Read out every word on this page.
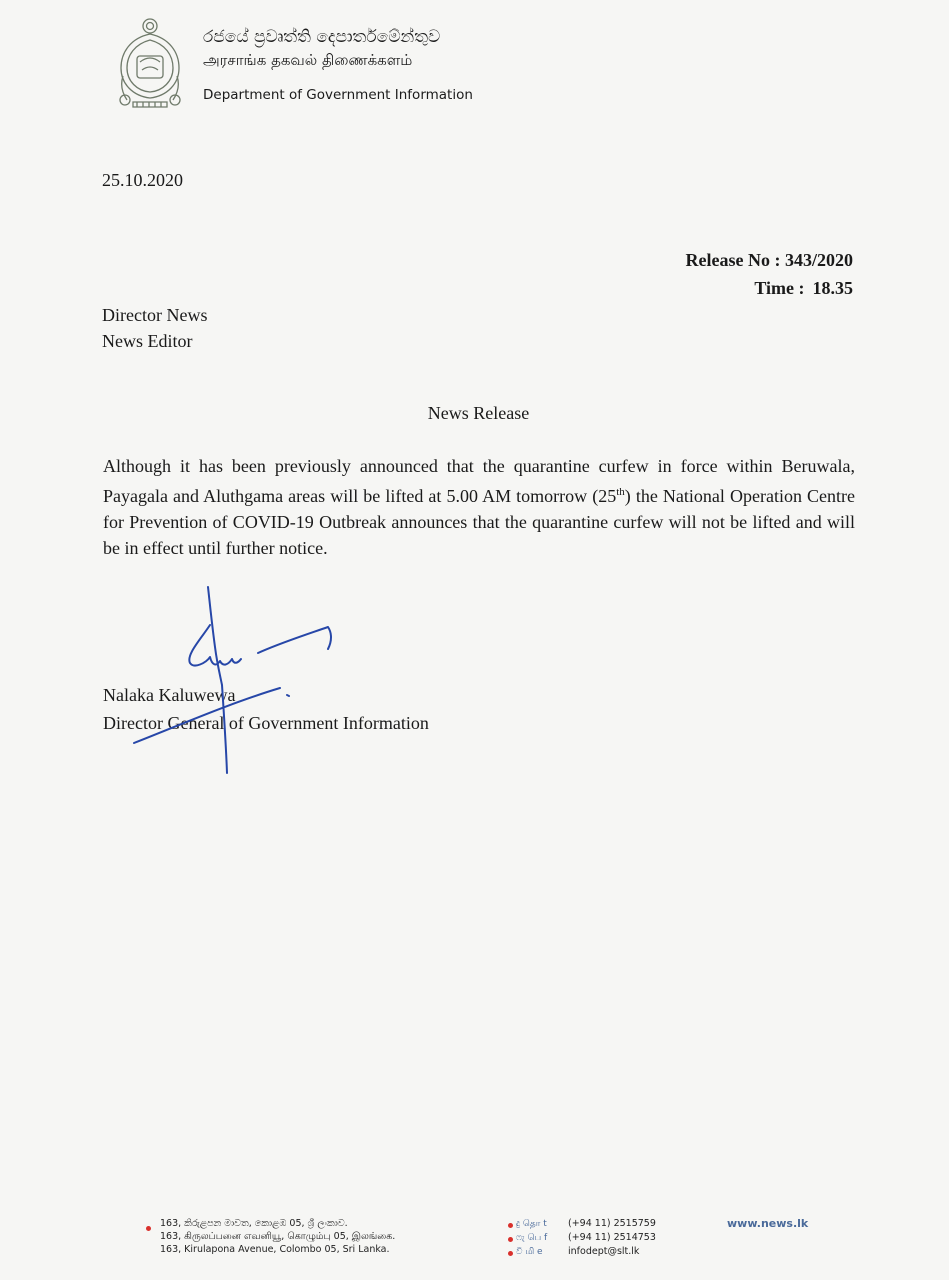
රජයේ ප්‍රවෘත්ති දෙපාර්තමේන්තුව
அரசாங்க தகவல் திணைக்களம்
Department of Government Information
25.10.2020
Release No : 343/2020
Time : 18.35
Director News
News Editor
News Release
Although it has been previously announced that the quarantine curfew in force within Beruwala, Payagala and Aluthgama areas will be lifted at 5.00 AM tomorrow (25th) the National Operation Centre for Prevention of COVID-19 Outbreak announces that the quarantine curfew will not be lifted and will be in effect until further notice.
Nalaka Kaluwewa
Director General of Government Information
163, කිරුළපන මාවත, කොළඹ 05, ශ්‍රී ලංකාව.
163, கிருலப்பனை எவனியூ, கொழும்பு 05, இலங்கை.
163, Kirulapona Avenue, Colombo 05, Sri Lanka.
දු தொ t (+94 11) 2515759
ෆැ பெ f (+94 11) 2514753
වි மி e	infodept@slt.lk
www.news.lk
